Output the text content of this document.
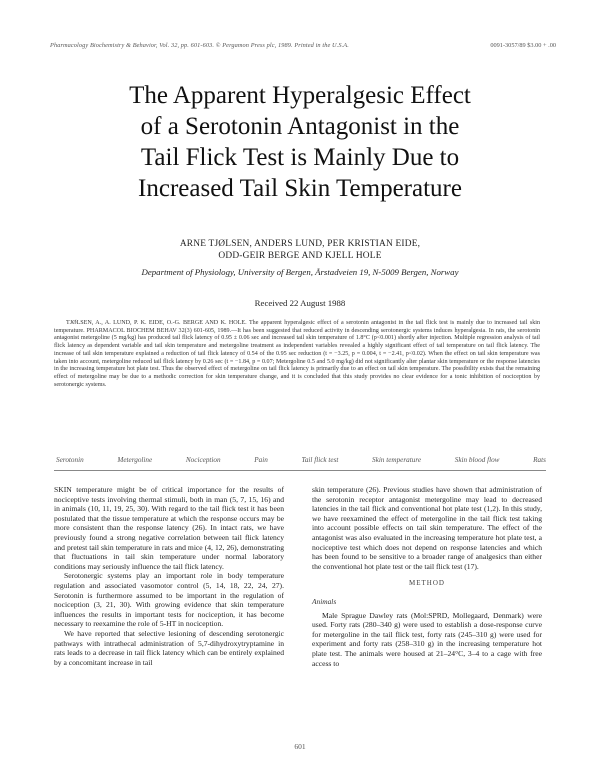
Pharmacology Biochemistry & Behavior, Vol. 32, pp. 601-603. © Pergamon Press plc, 1989. Printed in the U.S.A.	0091-3057/89 $3.00 + .00
The Apparent Hyperalgesic Effect
of a Serotonin Antagonist in the
Tail Flick Test is Mainly Due to
Increased Tail Skin Temperature
ARNE TJØLSEN, ANDERS LUND, PER KRISTIAN EIDE,
ODD-GEIR BERGE AND KJELL HOLE
Department of Physiology, University of Bergen, Årstadveien 19, N-5009 Bergen, Norway
Received 22 August 1988
TJØLSEN, A., A. LUND, P. K. EIDE, O.-G. BERGE AND K. HOLE. The apparent hyperalgesic effect of a serotonin antagonist in the tail flick test is mainly due to increased tail skin temperature. PHARMACOL BIOCHEM BEHAV 32(3) 601-605, 1989.—It has been suggested that reduced activity in descending serotonergic systems induces hyperalgesia. In rats, the serotonin antagonist metergoline (5 mg/kg) has produced tail flick latency of 0.95 ± 0.06 sec and increased tail skin temperature of 1.8°C (p<0.001) shortly after injection. Multiple regression analysis of tail flick latency as dependent variable and tail skin temperature and metergoline treatment as independent variables revealed a highly significant effect of tail temperature on tail flick latency. The increase of tail skin temperature explained a reduction of tail flick latency of 0.54 of the 0.95 sec reduction (t = −3.25, p = 0.004, t = −2.41, p<0.02). When the effect on tail skin temperature was taken into account, metergoline reduced tail flick latency by 0.26 sec (t = −1.84, p = 0.07; Metergoline 0.5 and 5.0 mg/kg) did not significantly alter plantar skin temperature or the response latencies in the increasing temperature hot plate test. Thus the observed effect of metergoline on tail flick latency is primarily due to an effect on tail skin temperature. The possibility exists that the remaining effect of metergoline may be due to a methodic correction for skin temperature change, and it is concluded that this study provides no clear evidence for a tonic inhibition of nociception by serotonergic systems.
Serotonin	Metergoline	Nociception	Pain	Tail flick test	Skin temperature	Skin blood flow	Rats

SKIN temperature might be of critical importance for the results of nociceptive tests involving thermal stimuli, both in man (5, 7, 15, 16) and in animals (10, 11, 19, 25, 30). With regard to the tail flick test it has been postulated that the tissue temperature at which the response occurs may be more consistent than the response latency (26). In intact rats, we have previously found a strong negative correlation between tail flick latency and pretest tail skin temperature in rats and mice (4, 12, 26), demonstrating that fluctuations in tail skin temperature under normal laboratory conditions may seriously influence the tail flick latency.

Serotonergic systems play an important role in body temperature regulation and associated vasomotor control (5, 14, 18, 22, 24, 27). Serotonin is furthermore assumed to be important in the regulation of nociception (3, 21, 30). With growing evidence that skin temperature influences the results in important tests for nociception, it has become necessary to reexamine the role of 5-HT in nociception.

We have reported that selective lesioning of descending serotonergic pathways with intrathecal administration of 5,7-dihydroxytryptamine in rats leads to a decrease in tail flick latency which can be entirely explained by a concomitant increase in tail

skin temperature (26). Previous studies have shown that administration of the serotonin receptor antagonist metergoline may lead to decreased latencies in the tail flick and conventional hot plate test (1,2). In this study, we have reexamined the effect of metergoline in the tail flick test taking into account possible effects on tail skin temperature. The effect of the antagonist was also evaluated in the increasing temperature hot plate test, a nociceptive test which does not depend on response latencies and which has been found to be sensitive to a broader range of analgesics than either the conventional hot plate test or the tail flick test (17).

METHOD
Animals

Male Sprague Dawley rats (Mol:SPRD, Mollegaard, Denmark) were used. Forty rats (280–340 g) were used to establish a dose-response curve for metergoline in the tail flick test, forty rats (245–310 g) were used for experiment and forty rats (258–310 g) in the increasing temperature hot plate test. The animals were housed at 21–24°C, 3–4 to a cage with free access to

601
